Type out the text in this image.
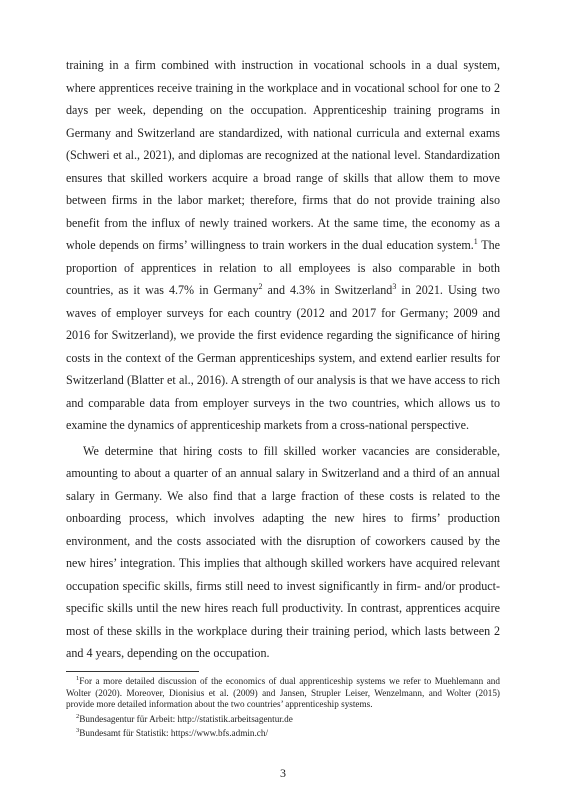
training in a firm combined with instruction in vocational schools in a dual system, where apprentices receive training in the workplace and in vocational school for one to 2 days per week, depending on the occupation. Apprenticeship training programs in Germany and Switzerland are standardized, with national curricula and external exams (Schweri et al., 2021), and diplomas are recognized at the national level. Standardization ensures that skilled workers acquire a broad range of skills that allow them to move between firms in the labor market; therefore, firms that do not provide training also benefit from the influx of newly trained workers. At the same time, the economy as a whole depends on firms’ willingness to train workers in the dual education system.$^1$ The proportion of apprentices in relation to all employees is also comparable in both countries, as it was 4.7% in Germany$^2$ and 4.3% in Switzerland$^3$ in 2021. Using two waves of employer surveys for each country (2012 and 2017 for Germany; 2009 and 2016 for Switzerland), we provide the first evidence regarding the significance of hiring costs in the context of the German apprenticeships system, and extend earlier results for Switzerland (Blatter et al., 2016). A strength of our analysis is that we have access to rich and comparable data from employer surveys in the two countries, which allows us to examine the dynamics of apprenticeship markets from a cross-national perspective.

We determine that hiring costs to fill skilled worker vacancies are considerable, amounting to about a quarter of an annual salary in Switzerland and a third of an annual salary in Germany. We also find that a large fraction of these costs is related to the onboarding process, which involves adapting the new hires to firms’ production environment, and the costs associated with the disruption of coworkers caused by the new hires’ integration. This implies that although skilled workers have acquired relevant occupation specific skills, firms still need to invest significantly in firm- and/or product-specific skills until the new hires reach full productivity. In contrast, apprentices acquire most of these skills in the workplace during their training period, which lasts between 2 and 4 years, depending on the occupation.

$^1$For a more detailed discussion of the economics of dual apprenticeship systems we refer to Muehlemann and Wolter (2020). Moreover, Dionisius et al. (2009) and Jansen, Strupler Leiser, Wenzelmann, and Wolter (2015) provide more detailed information about the two countries’ apprenticeship systems.

$^2$Bundesagentur für Arbeit: http://statistik.arbeitsagentur.de

$^3$Bundesamt für Statistik: https://www.bfs.admin.ch/

3
